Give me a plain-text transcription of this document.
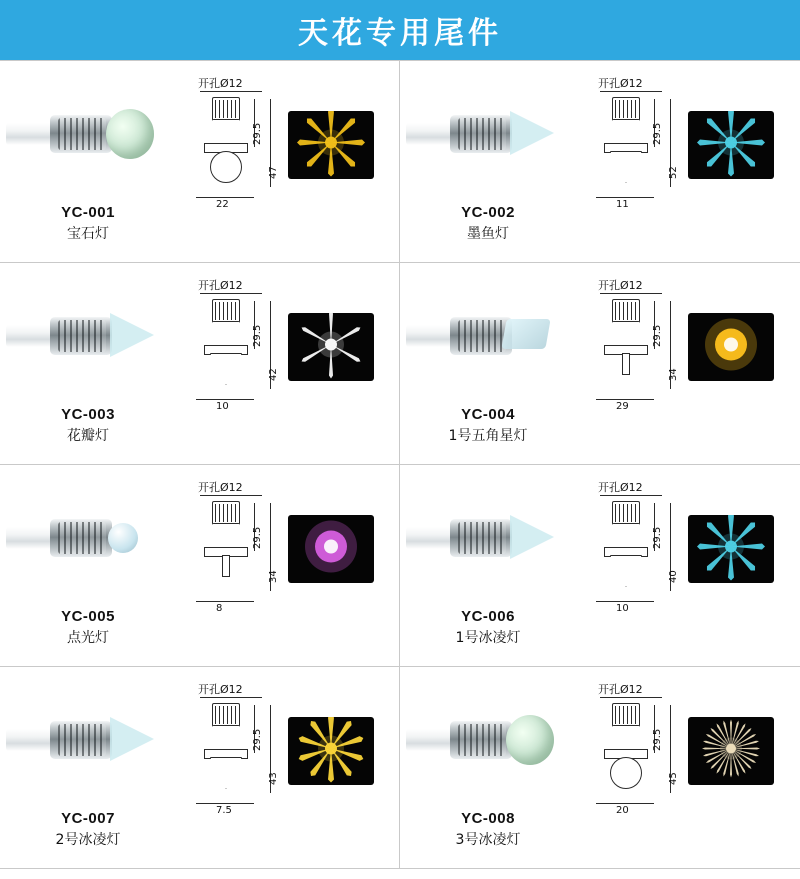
天花专用尾件
开孔Ø12
29.5
47
22
YC-001
宝石灯
开孔Ø12
29.5
52
11
YC-002
墨鱼灯
开孔Ø12
29.5
42
10
YC-003
花瓣灯
开孔Ø12
29.5
34
29
YC-004
1号五角星灯
开孔Ø12
29.5
34
8
YC-005
点光灯
开孔Ø12
29.5
40
10
YC-006
1号冰凌灯
开孔Ø12
29.5
43
7.5
YC-007
2号冰凌灯
开孔Ø12
29.5
45
20
YC-008
3号冰凌灯
